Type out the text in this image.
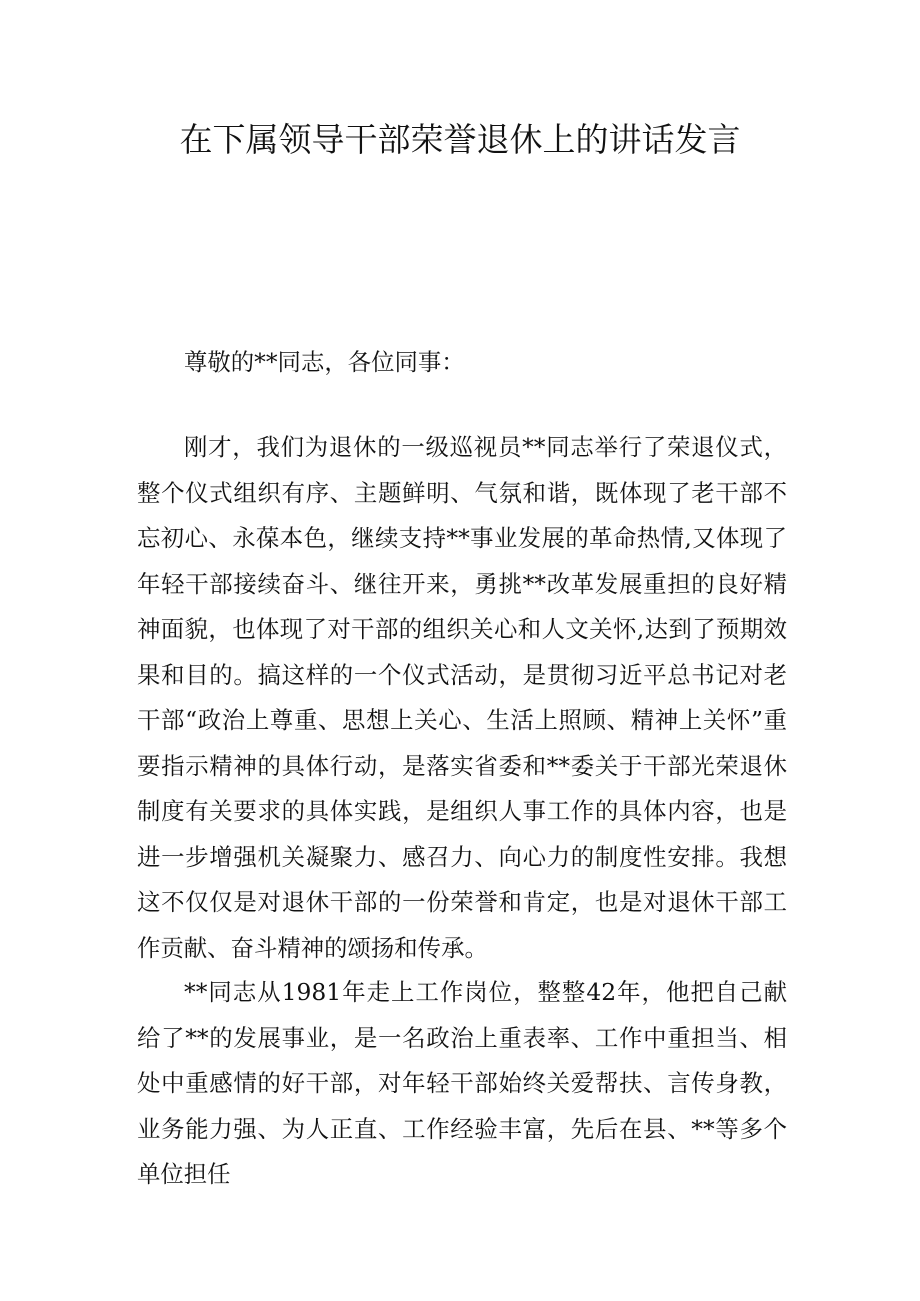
在下属领导干部荣誉退休上的讲话发言

尊敬的**同志，各位同事：

刚才，我们为退休的一级巡视员**同志举行了荣退仪式，整个仪式组织有序、主题鲜明、气氛和谐，既体现了老干部不忘初心、永葆本色，继续支持**事业发展的革命热情,又体现了年轻干部接续奋斗、继往开来，勇挑**改革发展重担的良好精神面貌，也体现了对干部的组织关心和人文关怀,达到了预期效果和目的。搞这样的一个仪式活动，是贯彻习近平总书记对老干部“政治上尊重、思想上关心、生活上照顾、精神上关怀”重要指示精神的具体行动，是落实省委和**委关于干部光荣退休制度有关要求的具体实践，是组织人事工作的具体内容，也是进一步增强机关凝聚力、感召力、向心力的制度性安排。我想这不仅仅是对退休干部的一份荣誉和肯定，也是对退休干部工作贡献、奋斗精神的颂扬和传承。

**同志从1981年走上工作岗位，整整42年，他把自己献给了**的发展事业，是一名政治上重表率、工作中重担当、相处中重感情的好干部，对年轻干部始终关爱帮扶、言传身教，业务能力强、为人正直、工作经验丰富，先后在县、**等多个单位担任
